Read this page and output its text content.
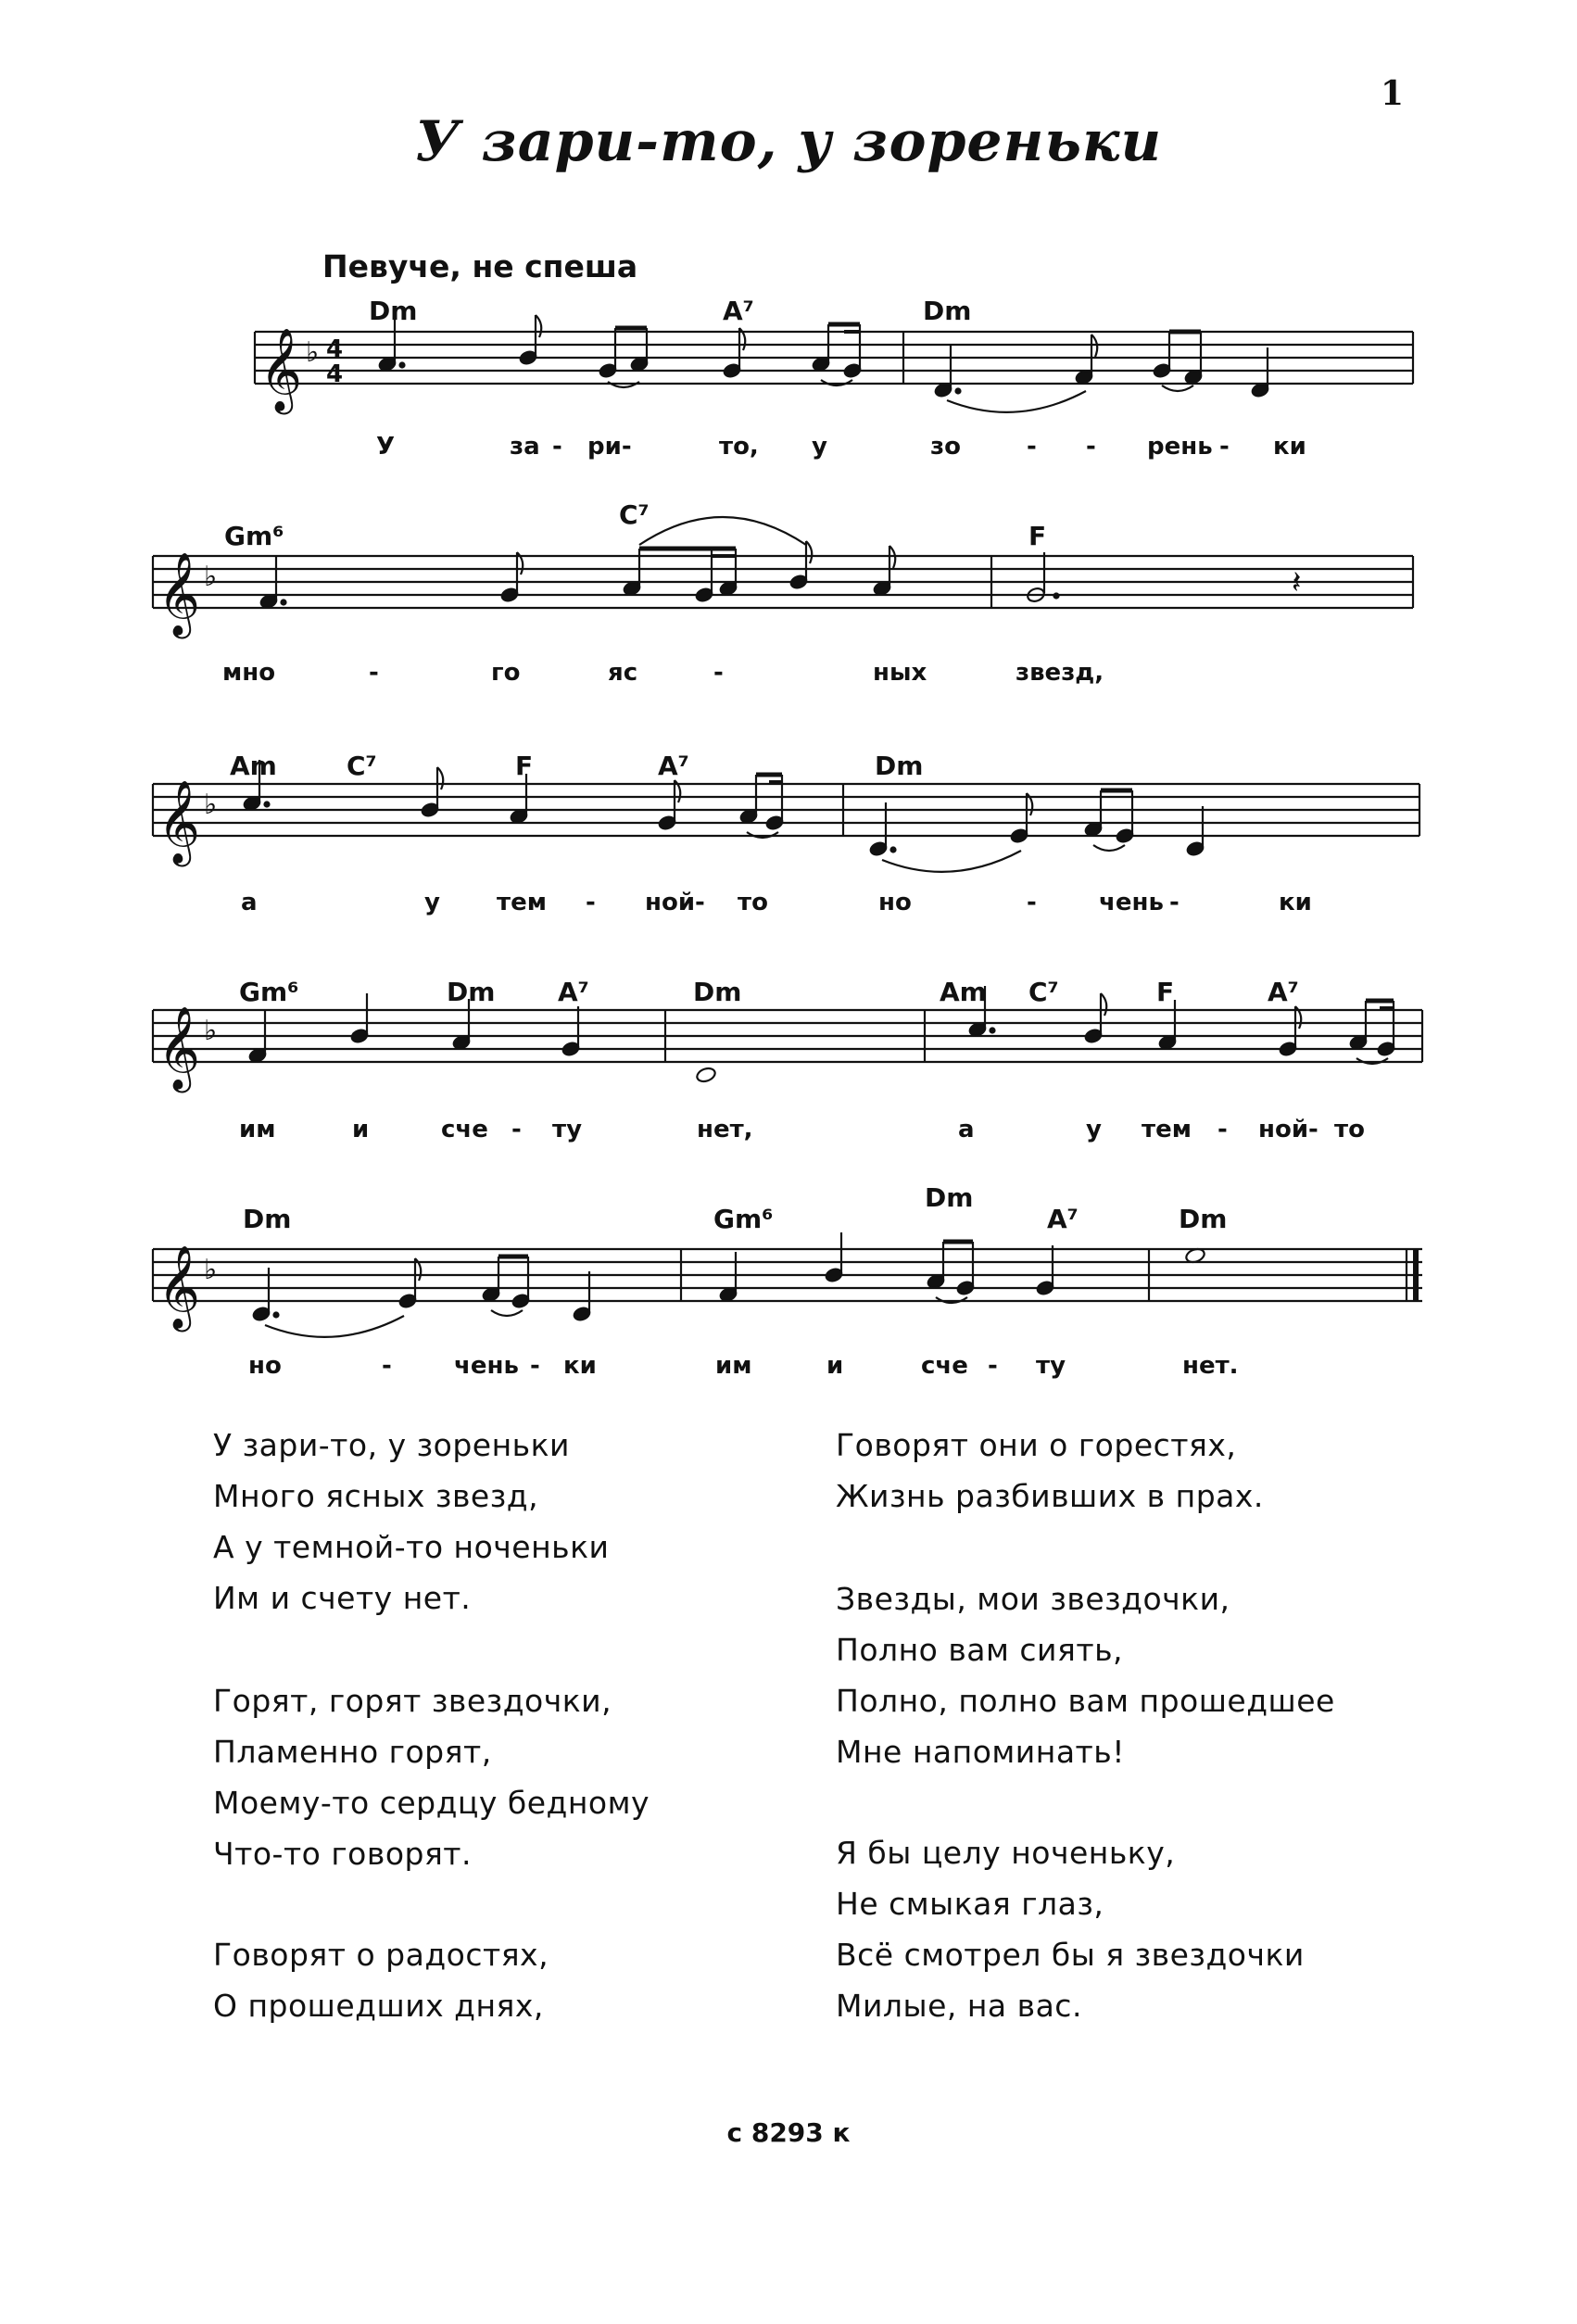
1
У зари-то, у зореньки
Певуче, не спеша
𝄞 ♭ 4
4
𝄞 ♭
𝄞 ♭
𝄞 ♭
𝄞 ♭
𝄽
Dm	A⁷	Dm
Gm⁶
C⁷
F
Am	C⁷	F	A⁷	Dm
Gm⁶	Dm A⁷	Dm	Am C⁷	F	A⁷
Dm	Gm⁶
Dm
A⁷	Dm
У	за - ри-	то, у	зо	- - рень - ки
мно	-	го	яс	-	ных	звезд,
а	у тем - ной- то	но	-	чень -	ки
им	и	сче - ту	нет,	а	у тем - ной- то
но	-	чень - ки	им	и	сче - ту	нет.
У зари-то, у зореньки
Много ясных звезд,
А у темной-то ноченьки
Им и счету нет.
Горят, горят звездочки,
Пламенно горят,
Моему-то сердцу бедному
Что-то говорят.
Говорят о радостях,
О прошедших днях,
Говорят они о горестях,
Жизнь разбивших в прах.
Звезды, мои звездочки,
Полно вам сиять,
Полно, полно вам прошедшее
Мне напоминать!
Я бы целу ноченьку,
Не смыкая глаз,
Всё смотрел бы я звездочки
Милые, на вас.
с 8293 к
